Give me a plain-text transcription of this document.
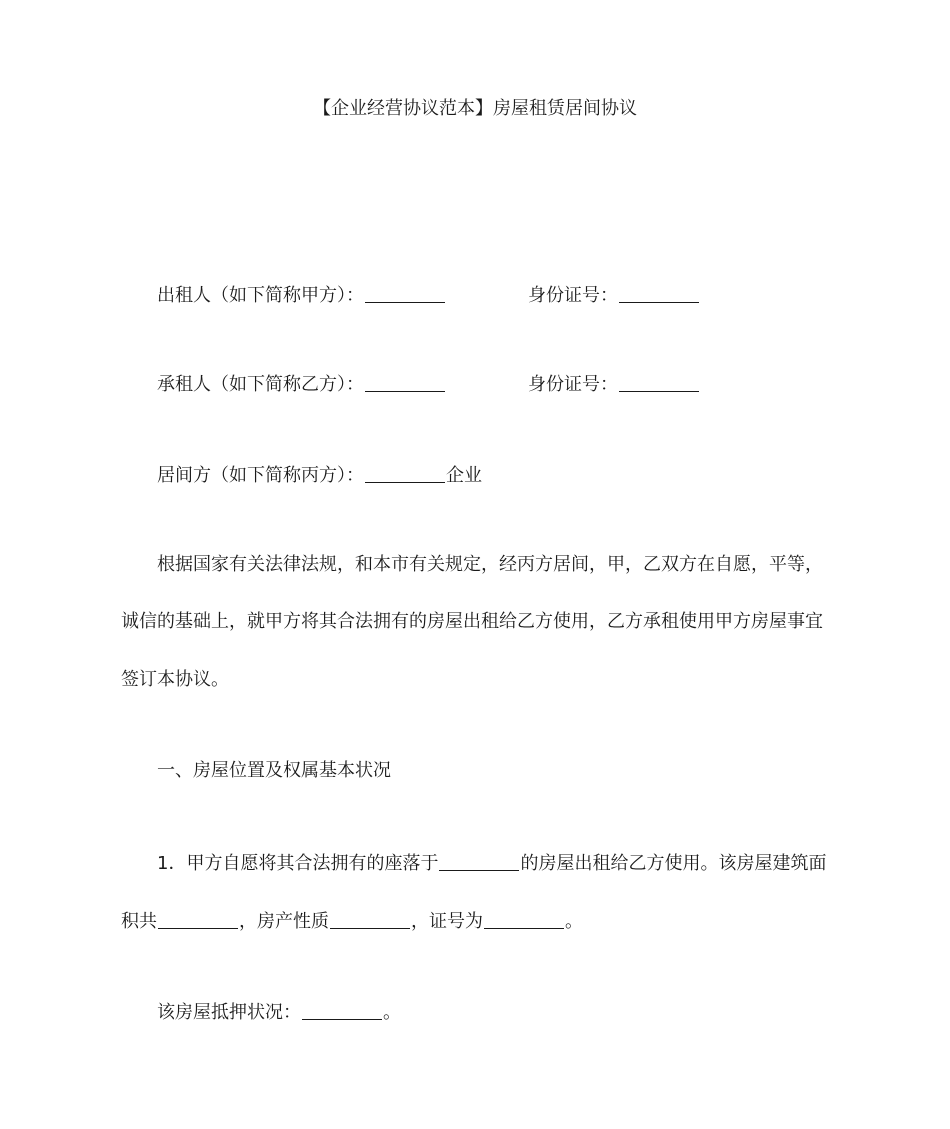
【企业经营协议范本】房屋租赁居间协议
出租人（如下简称甲方）：	身份证号：
承租人（如下简称乙方）：	身份证号：
居间方（如下简称丙方）：	企业
根据国家有关法律法规，和本市有关规定，经丙方居间，甲，乙双方在自愿，平等，
诚信的基础上，就甲方将其合法拥有的房屋出租给乙方使用，乙方承租使用甲方房屋事宜
签订本协议。
一、房屋位置及权属基本状况
1．甲方自愿将其合法拥有的座落于	的房屋出租给乙方使用。该房屋建筑面
积共	，房产性质	，证号为	。
该房屋抵押状况：	。
